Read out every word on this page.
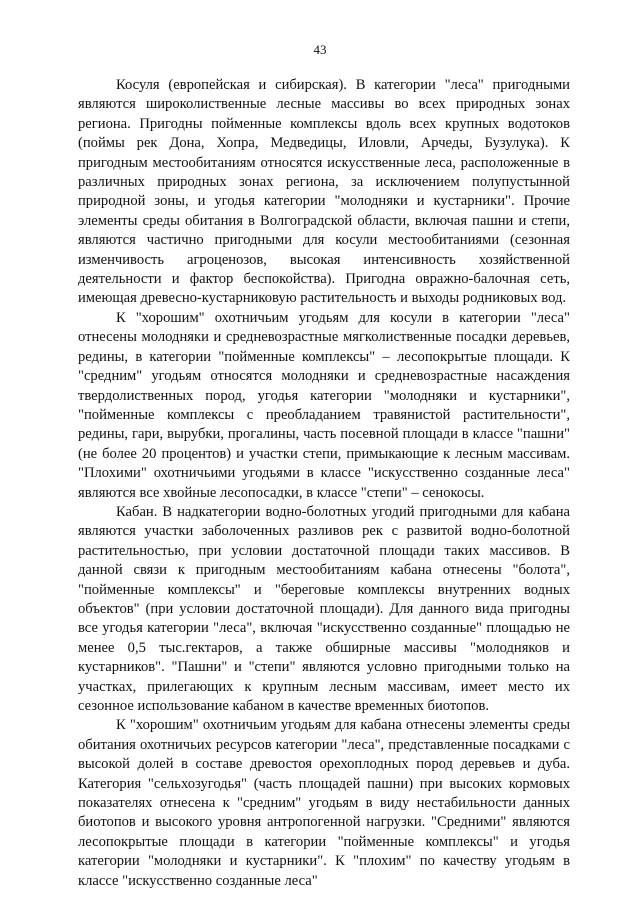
43

Косуля (европейская и сибирская). В категории "леса" пригодными являются широколиственные лесные массивы во всех природных зонах региона. Пригодны пойменные комплексы вдоль всех крупных водотоков (поймы рек Дона, Хопра, Медведицы, Иловли, Арчеды, Бузулука). К пригодным местообитаниям относятся искусственные леса, расположенные в различных природных зонах региона, за исключением полупустынной природной зоны, и угодья категории "молодняки и кустарники". Прочие элементы среды обитания в Волгоградской области, включая пашни и степи, являются частично пригодными для косули местообитаниями (сезонная изменчивость агроценозов, высокая интенсивность хозяйственной деятельности и фактор беспокойства). Пригодна овражно-балочная сеть, имеющая древесно-кустарниковую растительность и выходы родниковых вод.

К "хорошим" охотничьим угодьям для косули в категории "леса" отнесены молодняки и средневозрастные мягколиственные посадки деревьев, редины, в категории "пойменные комплексы" – лесопокрытые площади. К "средним" угодьям относятся молодняки и средневозрастные насаждения твердолиственных пород, угодья категории "молодняки и кустарники", "пойменные комплексы с преобладанием травянистой растительности", редины, гари, вырубки, прогалины, часть посевной площади в классе "пашни" (не более 20 процентов) и участки степи, примыкающие к лесным массивам. "Плохими" охотничьими угодьями в классе "искусственно созданные леса" являются все хвойные лесопосадки, в классе "степи" – сенокосы.

Кабан. В надкатегории водно-болотных угодий пригодными для кабана являются участки заболоченных разливов рек с развитой водно-болотной растительностью, при условии достаточной площади таких массивов. В данной связи к пригодным местообитаниям кабана отнесены "болота", "пойменные комплексы" и "береговые комплексы внутренних водных объектов" (при условии достаточной площади). Для данного вида пригодны все угодья категории "леса", включая "искусственно созданные" площадью не менее 0,5 тыс.гектаров, а также обширные массивы "молодняков и кустарников". "Пашни" и "степи" являются условно пригодными только на участках, прилегающих к крупным лесным массивам, имеет место их сезонное использование кабаном в качестве временных биотопов.

К "хорошим" охотничьим угодьям для кабана отнесены элементы среды обитания охотничьих ресурсов категории "леса", представленные посадками с высокой долей в составе древостоя орехоплодных пород деревьев и дуба. Категория "сельхозугодья" (часть площадей пашни) при высоких кормовых показателях отнесена к "средним" угодьям в виду нестабильности данных биотопов и высокого уровня антропогенной нагрузки. "Средними" являются лесопокрытые площади в категории "пойменные комплексы" и угодья категории "молодняки и кустарники". К "плохим" по качеству угодьям в классе "искусственно созданные леса"
